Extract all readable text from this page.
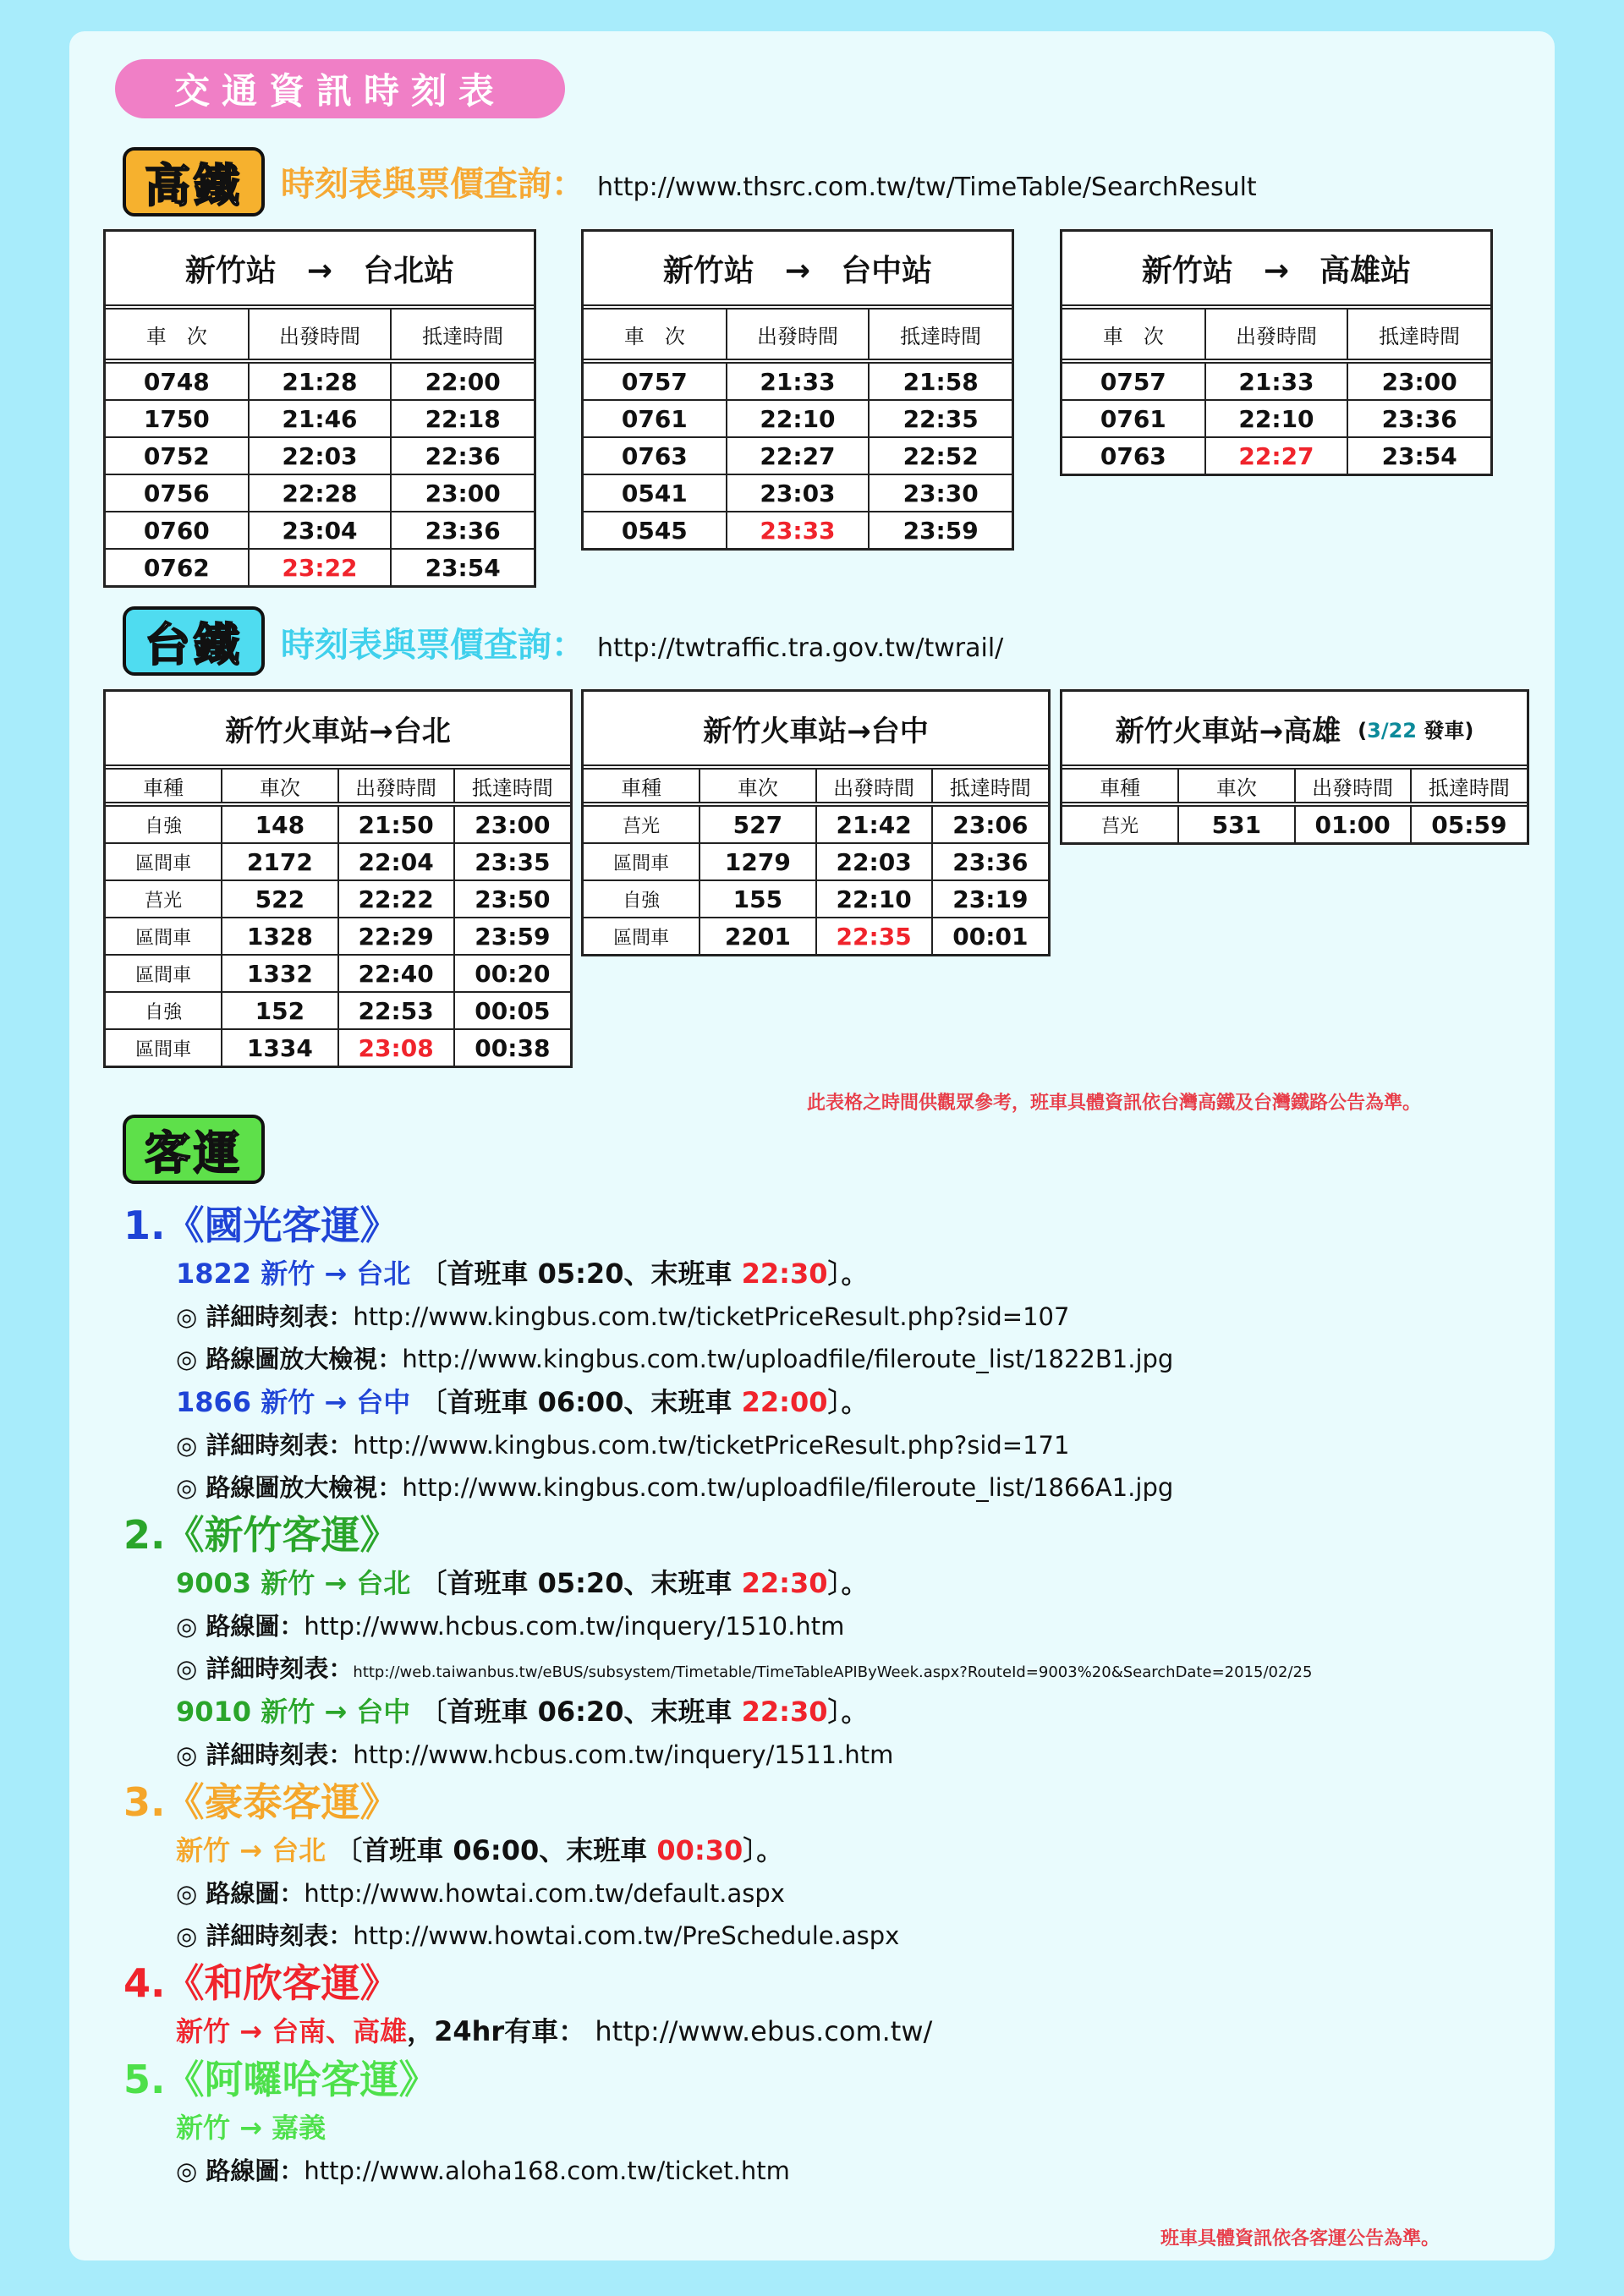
交通資訊時刻表
高鐵	時刻表與票價查詢： http://www.thsrc.com.tw/tw/TimeTable/SearchResult
新竹站　→　台北站
車　次	出發時間	抵達時間
0748	21:28	22:00
1750	21:46	22:18
0752	22:03	22:36
0756	22:28	23:00
0760	23:04	23:36
0762	23:22	23:54
新竹站　→　台中站
車　次	出發時間	抵達時間
0757	21:33	21:58
0761	22:10	22:35
0763	22:27	22:52
0541	23:03	23:30
0545	23:33	23:59
新竹站　→　高雄站
車　次	出發時間	抵達時間
0757	21:33	23:00
0761	22:10	23:36
0763	22:27	23:54
台鐵	時刻表與票價查詢： http://twtraffic.tra.gov.tw/twrail/
新竹火車站→台北
車種	車次	出發時間	抵達時間
自強	148	21:50	23:00
區間車	2172	22:04	23:35
莒光	522	22:22	23:50
區間車	1328	22:29	23:59
區間車	1332	22:40	00:20
自強	152	22:53	00:05
區間車	1334	23:08	00:38
新竹火車站→台中
車種	車次	出發時間	抵達時間
莒光	527	21:42	23:06
區間車	1279	22:03	23:36
自強	155	22:10	23:19
區間車	2201	22:35	00:01
新竹火車站→高雄 (3/22 發車)
車種	車次	出發時間	抵達時間
莒光	531	01:00	05:59
此表格之時間供觀眾參考，班車具體資訊依台灣高鐵及台灣鐵路公告為準。
客運
1.《國光客運》
1822 新竹 → 台北 〔首班車 05:20、末班車 22:30〕。
◎ 詳細時刻表：http://www.kingbus.com.tw/ticketPriceResult.php?sid=107
◎ 路線圖放大檢視：http://www.kingbus.com.tw/uploadfile/fileroute_list/1822B1.jpg
1866 新竹 → 台中 〔首班車 06:00、末班車 22:00〕。
◎ 詳細時刻表：http://www.kingbus.com.tw/ticketPriceResult.php?sid=171
◎ 路線圖放大檢視：http://www.kingbus.com.tw/uploadfile/fileroute_list/1866A1.jpg
2.《新竹客運》
9003 新竹 → 台北 〔首班車 05:20、末班車 22:30〕。
◎ 路線圖：http://www.hcbus.com.tw/inquery/1510.htm
◎ 詳細時刻表：http://web.taiwanbus.tw/eBUS/subsystem/Timetable/TimeTableAPIByWeek.aspx?RouteId=9003%20&SearchDate=2015/02/25
9010 新竹 → 台中 〔首班車 06:20、末班車 22:30〕。
◎ 詳細時刻表：http://www.hcbus.com.tw/inquery/1511.htm
3.《豪泰客運》
新竹 → 台北 〔首班車 06:00、末班車 00:30〕。
◎ 路線圖：http://www.howtai.com.tw/default.aspx
◎ 詳細時刻表：http://www.howtai.com.tw/PreSchedule.aspx
4.《和欣客運》
新竹 → 台南、高雄，24hr有車： http://www.ebus.com.tw/
5.《阿囉哈客運》
新竹 → 嘉義
◎ 路線圖：http://www.aloha168.com.tw/ticket.htm
班車具體資訊依各客運公告為準。
